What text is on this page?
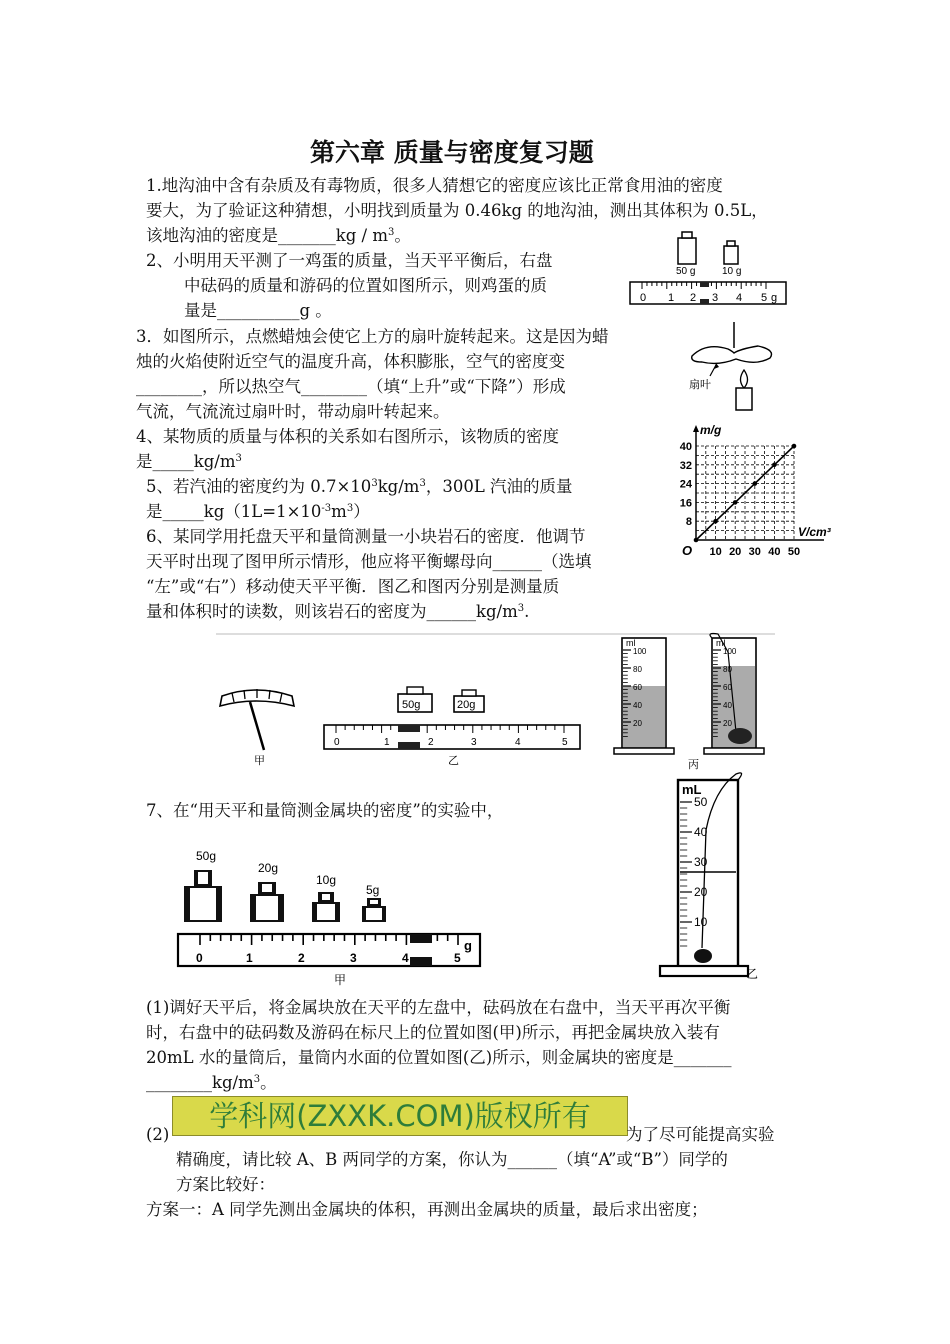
第六章 质量与密度复习题
1.地沟油中含有杂质及有毒物质，很多人猜想它的密度应该比正常食用油的密度
要大，为了验证这种猜想，小明找到质量为 0.46kg 的地沟油，测出其体积为 0.5L，
该地沟油的密度是_______kg / $m^3$。
2、小明用天平测了一鸡蛋的质量，当天平平衡后，右盘
中砝码的质量和游码的位置如图所示，则鸡蛋的质
量是__________g 。
50 g	10 g
0 1 2 3 4 5 g
3．如图所示，点燃蜡烛会使它上方的扇叶旋转起来。这是因为蜡
烛的火焰使附近空气的温度升高，体积膨胀，空气的密度变
________，所以热空气________（填“上升”或“下降”）形成
气流，气流流过扇叶时，带动扇叶转起来。
扇叶
4、某物质的质量与体积的关系如右图所示，该物质的密度
是$\_\_\_\_\_kg/m^3$
8
16
24
32
40
10 20 30 40 50
O
m/g
V/cm³
5、若汽油的密度约为 $0.7\times 10^3kg/m^3$，300L 汽油的质量
是$\_\_\_\_\_kg(1L=1\times 10^{-3}m^3)$
6、某同学用托盘天平和量筒测量一小块岩石的密度．他调节
天平时出现了图甲所示情形，他应将平衡螺母向______（选填
“左”或“右”）移动使天平平衡．图乙和图丙分别是测量质
量和体积时的读数，则该岩石的密度为$\_\_\_\_\_\_kg/m^3$.
甲
50g	20g
0	1	2	3	4	5
乙
100
80
60
40
20
100
80
60
40
20
ml	ml
丙
7、在“用天平和量筒测金属块的密度”的实验中，
50g
20g
10g
5g
0	1	2	3	4	5
g
甲
50
40
30
20
10
mL
乙
(1)调好天平后，将金属块放在天平的左盘中，砝码放在右盘中，当天平再次平衡
时，右盘中的砝码数及游码在标尺上的位置如图(甲)所示，再把金属块放入装有
20mL 水的量筒后，量筒内水面的位置如图(乙)所示，则金属块的密度是_______
$\_\_\_\_\_\_\_\_kg/m^3$。
(2)
学科网(ZXXK.COM)版权所有
为了尽可能提高实验
精确度，请比较 A、B 两同学的方案，你认为______（填“A”或“B”）同学的
方案比较好：
方案一：A 同学先测出金属块的体积，再测出金属块的质量，最后求出密度；
